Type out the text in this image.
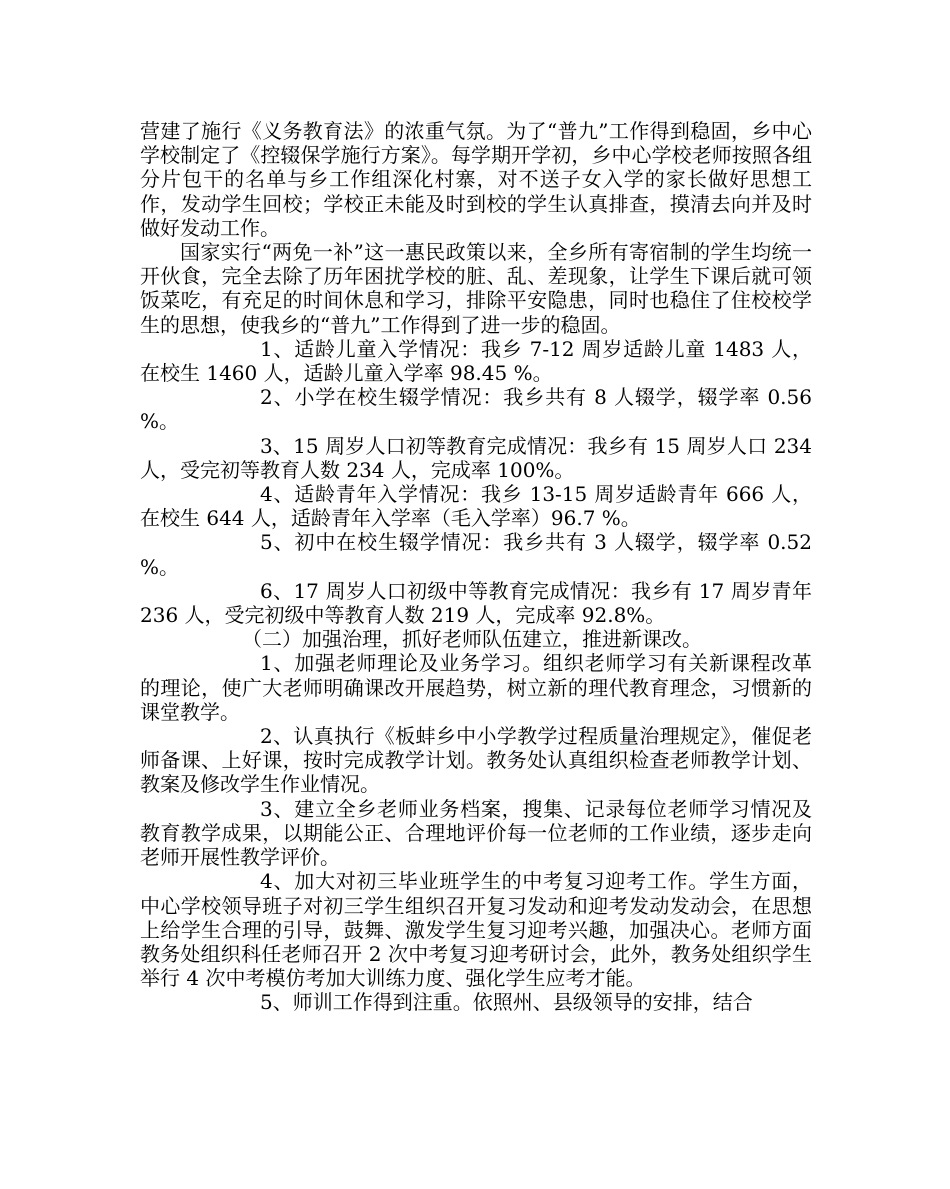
营建了施行《义务教育法》的浓重气氛。为了“普九”工作得到稳固，乡中心学校制定了《控辍保学施行方案》。每学期开学初，乡中心学校老师按照各组分片包干的名单与乡工作组深化村寨，对不送子女入学的家长做好思想工作，发动学生回校；学校正未能及时到校的学生认真排查，摸清去向并及时做好发动工作。

国家实行“两免一补”这一惠民政策以来，全乡所有寄宿制的学生均统一开伙食，完全去除了历年困扰学校的脏、乱、差现象，让学生下课后就可领饭菜吃，有充足的时间休息和学习，排除平安隐患，同时也稳住了住校校学生的思想，使我乡的“普九”工作得到了进一步的稳固。

1、适龄儿童入学情况：我乡 7-12 周岁适龄儿童 1483 人，在校生 1460 人，适龄儿童入学率 98.45 %。

2、小学在校生辍学情况：我乡共有 8 人辍学，辍学率 0.56 %。

3、15 周岁人口初等教育完成情况：我乡有 15 周岁人口 234 人，受完初等教育人数 234 人，完成率 100%。

4、适龄青年入学情况：我乡 13-15 周岁适龄青年 666 人，在校生 644 人，适龄青年入学率（毛入学率）96.7 %。

5、初中在校生辍学情况：我乡共有 3 人辍学，辍学率 0.52 %。

6、17 周岁人口初级中等教育完成情况：我乡有 17 周岁青年 236 人，受完初级中等教育人数 219 人，完成率 92.8%。

（二）加强治理，抓好老师队伍建立，推进新课改。

1、加强老师理论及业务学习。组织老师学习有关新课程改革的理论，使广大老师明确课改开展趋势，树立新的理代教育理念，习惯新的课堂教学。

2、认真执行《板蚌乡中小学教学过程质量治理规定》，催促老师备课、上好课，按时完成教学计划。教务处认真组织检查老师教学计划、教案及修改学生作业情况。

3、建立全乡老师业务档案，搜集、记录每位老师学习情况及教育教学成果，以期能公正、合理地评价每一位老师的工作业绩，逐步走向老师开展性教学评价。

4、加大对初三毕业班学生的中考复习迎考工作。学生方面，中心学校领导班子对初三学生组织召开复习发动和迎考发动发动会，在思想上给学生合理的引导，鼓舞、激发学生复习迎考兴趣，加强决心。老师方面教务处组织科任老师召开 2 次中考复习迎考研讨会，此外，教务处组织学生举行 4 次中考模仿考加大训练力度、强化学生应考才能。

5、师训工作得到注重。依照州、县级领导的安排，结合
